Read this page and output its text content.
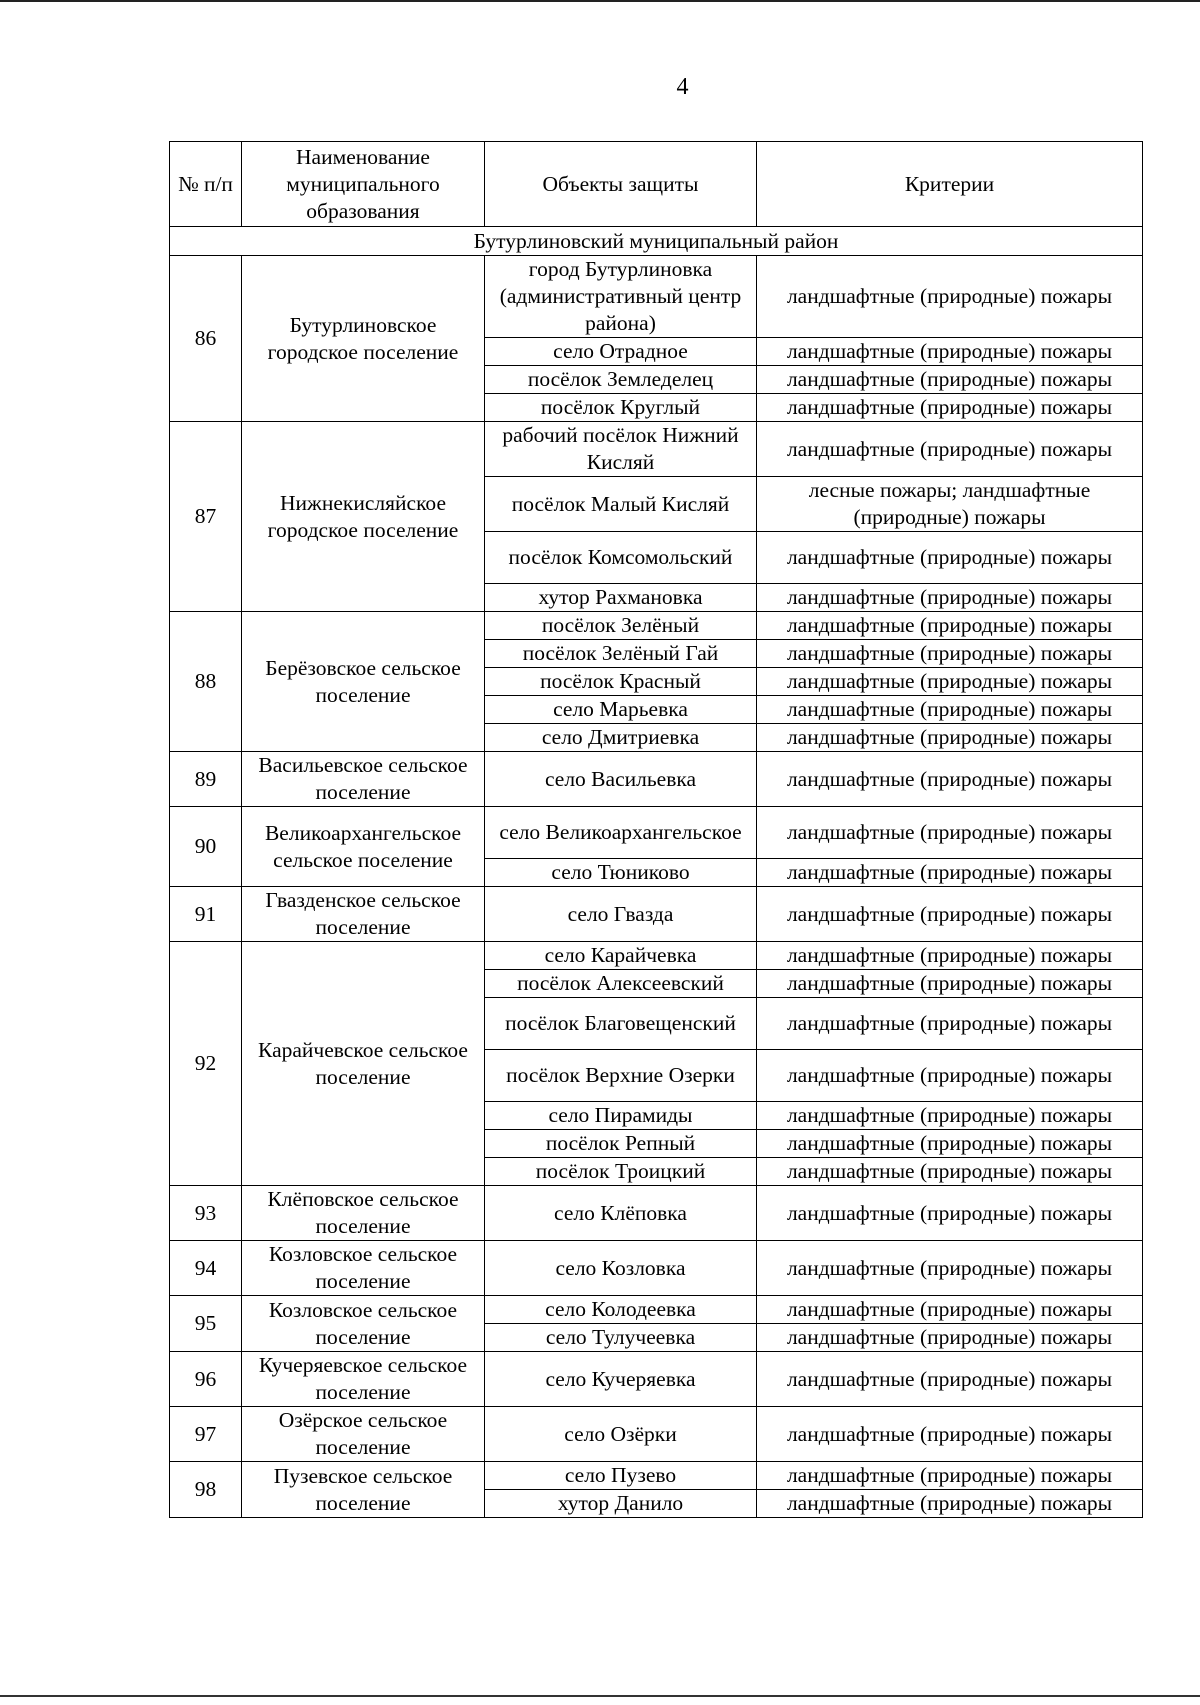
4
№ п/п	Наименование муниципального образования	Объекты защиты	Критерии
Бутурлиновский муниципальный район			
86	Бутурлиновское городское поселение	город Бутурлиновка (административный центр района)	ландшафтные (природные) пожары
		село Отрадное	ландшафтные (природные) пожары
		посёлок Земледелец	ландшафтные (природные) пожары
		посёлок Круглый	ландшафтные (природные) пожары
87	Нижнекисляйское городское поселение	рабочий посёлок Нижний Кисляй	ландшафтные (природные) пожары
		посёлок Малый Кисляй	лесные пожары; ландшафтные (природные) пожары
		посёлок Комсомольский	ландшафтные (природные) пожары
		хутор Рахмановка	ландшафтные (природные) пожары
88	Берёзовское сельское поселение	посёлок Зелёный	ландшафтные (природные) пожары
		посёлок Зелёный Гай	ландшафтные (природные) пожары
		посёлок Красный	ландшафтные (природные) пожары
		село Марьевка	ландшафтные (природные) пожары
		село Дмитриевка	ландшафтные (природные) пожары
89	Васильевское сельское поселение	село Васильевка	ландшафтные (природные) пожары
90	Великоархангельское сельское поселение	село Великоархангельское	ландшафтные (природные) пожары
		село Тюниково	ландшафтные (природные) пожары
91	Гвазденское сельское поселение	село Гвазда	ландшафтные (природные) пожары
92	Карайчевское сельское поселение	село Карайчевка	ландшафтные (природные) пожары
		посёлок Алексеевский	ландшафтные (природные) пожары
		посёлок Благовещенский	ландшафтные (природные) пожары
		посёлок Верхние Озерки	ландшафтные (природные) пожары
		село Пирамиды	ландшафтные (природные) пожары
		посёлок Репный	ландшафтные (природные) пожары
		посёлок Троицкий	ландшафтные (природные) пожары
93	Клёповское сельское поселение	село Клёповка	ландшафтные (природные) пожары
94	Козловское сельское поселение	село Козловка	ландшафтные (природные) пожары
95	Козловское сельское поселение	село Колодеевка	ландшафтные (природные) пожары
		село Тулучеевка	ландшафтные (природные) пожары
96	Кучеряевское сельское поселение	село Кучеряевка	ландшафтные (природные) пожары
97	Озёрское сельское поселение	село Озёрки	ландшафтные (природные) пожары
98	Пузевское сельское поселение	село Пузево	ландшафтные (природные) пожары
		хутор Данило	ландшафтные (природные) пожары
